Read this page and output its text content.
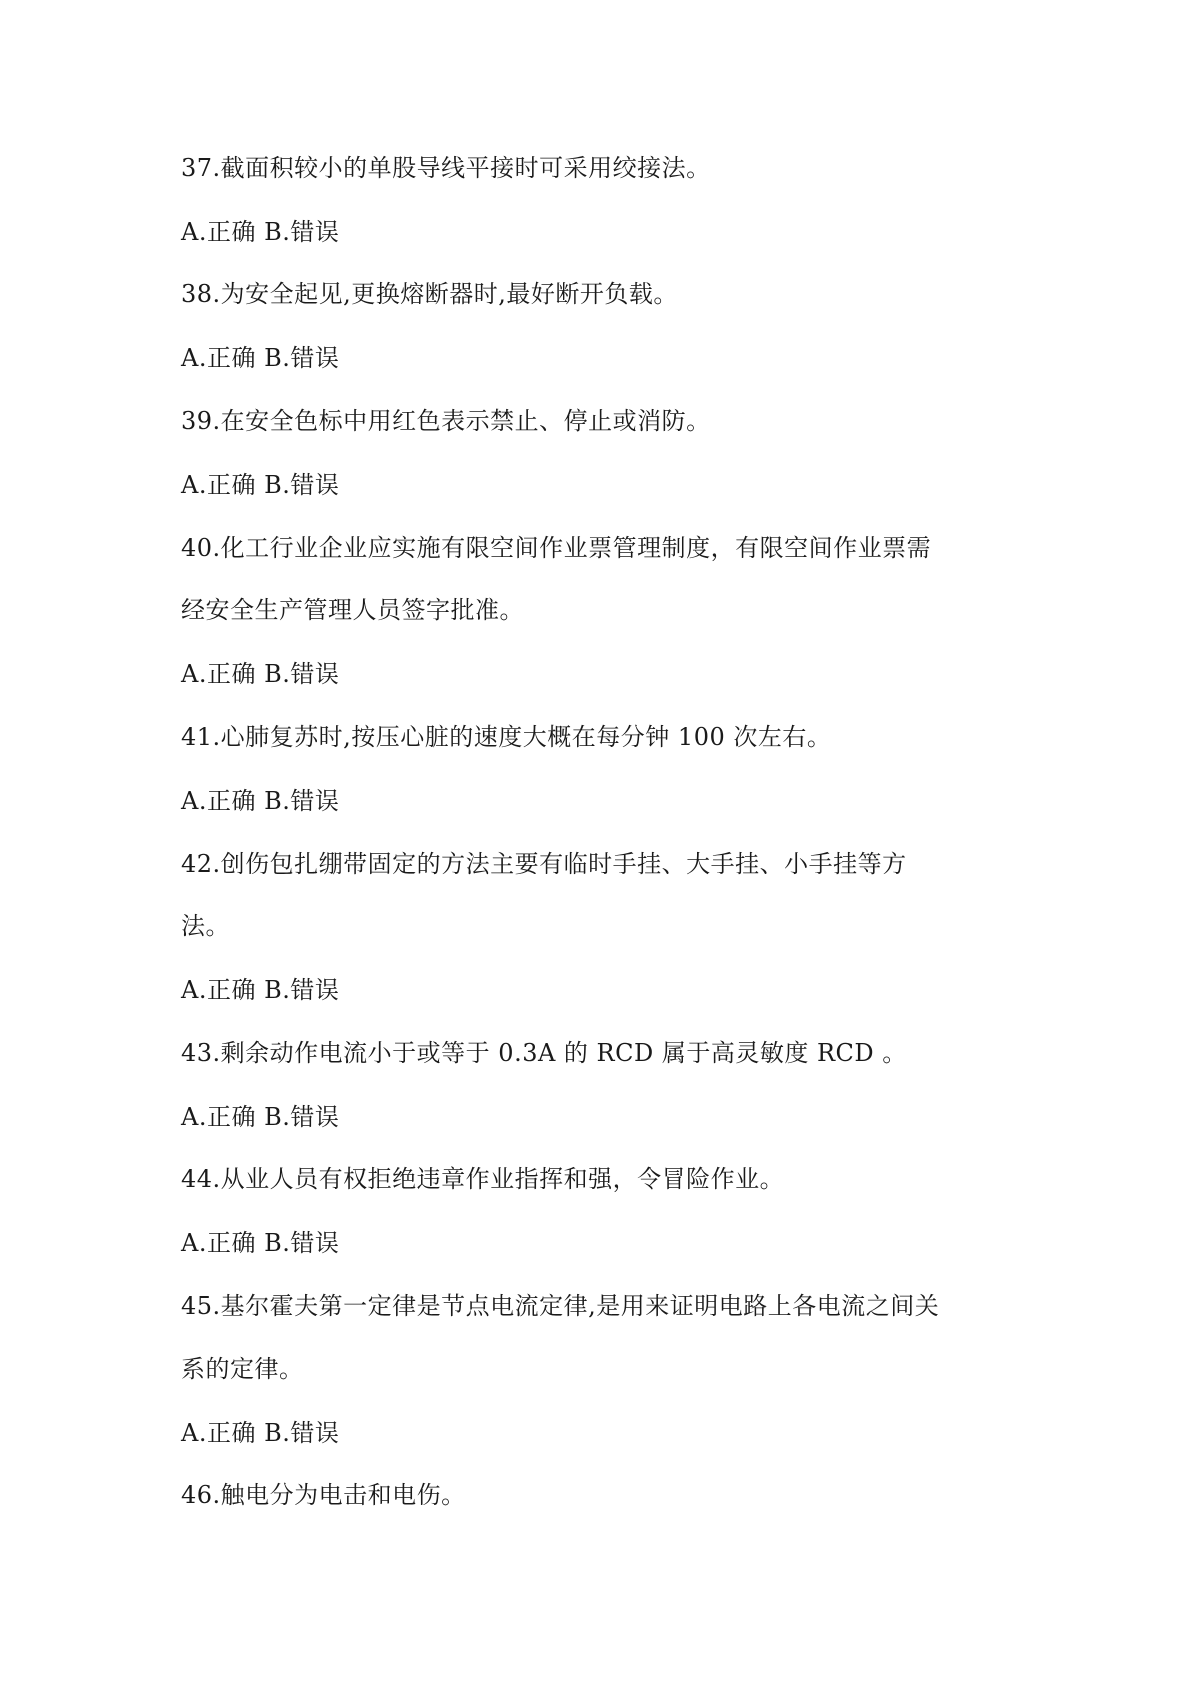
37.截面积较小的单股导线平接时可采用绞接法。
A.正确 B.错误
38.为安全起见,更换熔断器时,最好断开负载。
A.正确 B.错误
39.在安全色标中用红色表示禁止、停止或消防。
A.正确 B.错误
40.化工行业企业应实施有限空间作业票管理制度，有限空间作业票需
经安全生产管理人员签字批准。
A.正确 B.错误
41.心肺复苏时,按压心脏的速度大概在每分钟 100 次左右。
A.正确 B.错误
42.创伤包扎绷带固定的方法主要有临时手挂、大手挂、小手挂等方
法。
A.正确 B.错误
43.剩余动作电流小于或等于 0.3A 的 RCD 属于高灵敏度 RCD 。
A.正确 B.错误
44.从业人员有权拒绝违章作业指挥和强，令冒险作业。
A.正确 B.错误
45.基尔霍夫第一定律是节点电流定律,是用来证明电路上各电流之间关
系的定律。
A.正确 B.错误
46.触电分为电击和电伤。
